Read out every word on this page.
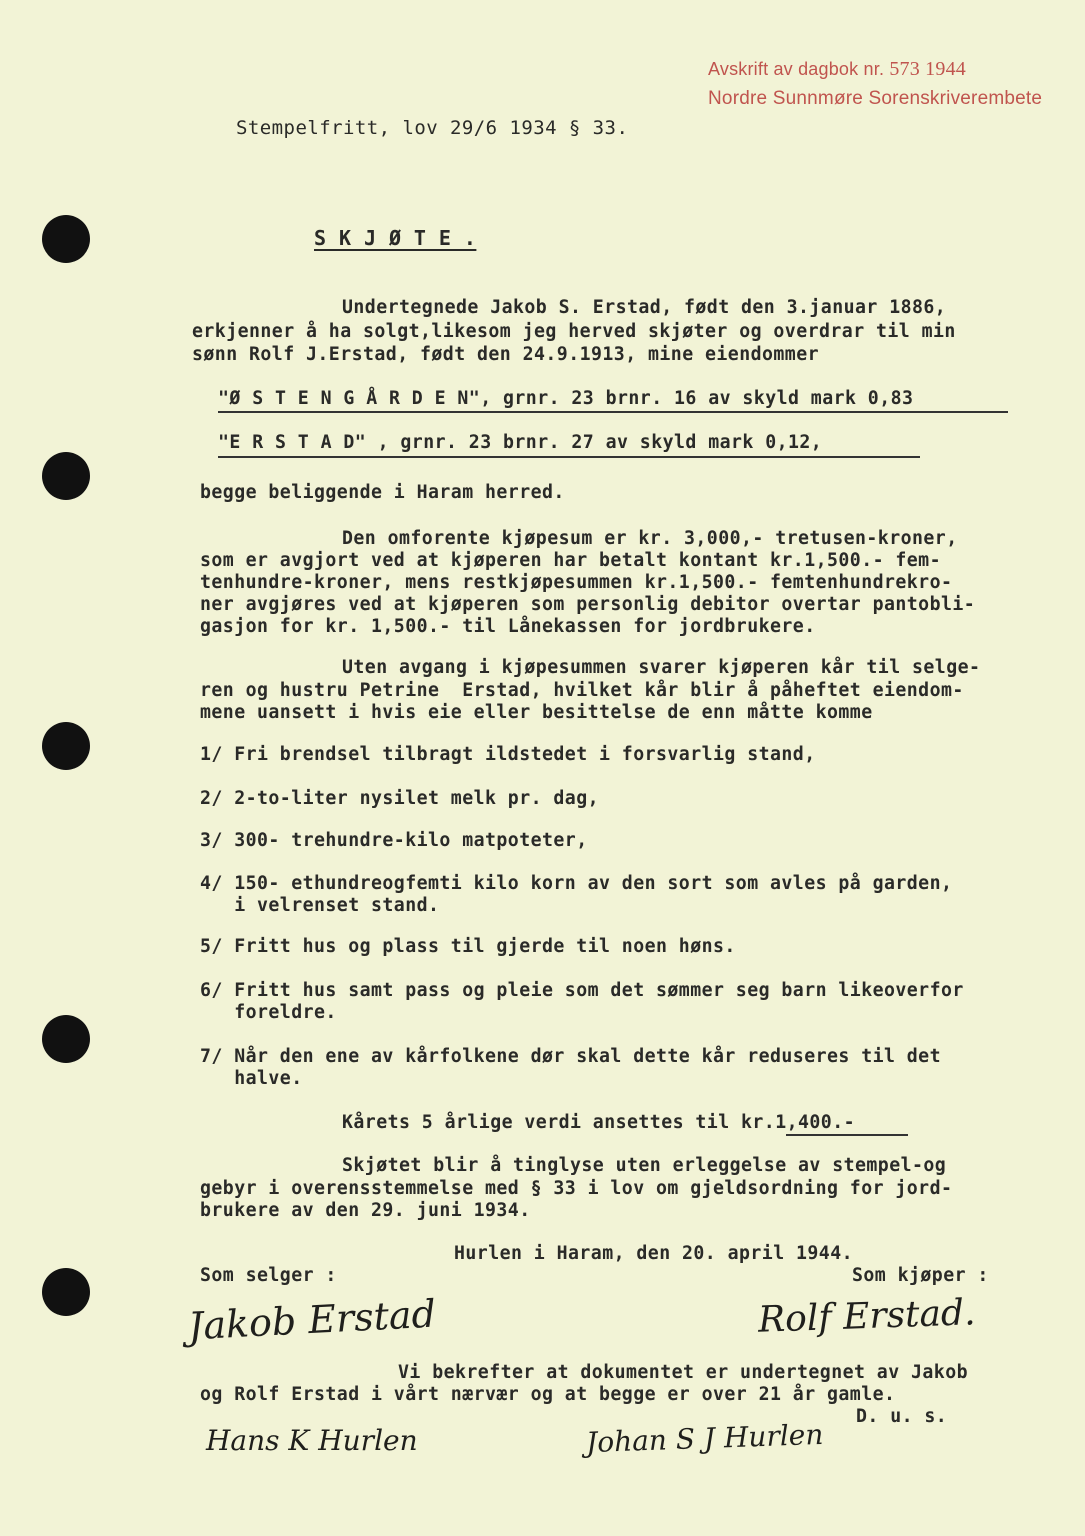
Avskrift av dagbok nr. 573 1944
Nordre Sunnmøre Sorenskriverembete
Stempelfritt, lov 29/6 1934 § 33.
S K J Ø T E .
Undertegnede Jakob S. Erstad, født den 3.januar 1886,
erkjenner å ha solgt,likesom jeg herved skjøter og overdrar til min
sønn Rolf J.Erstad, født den 24.9.1913, mine eiendommer
"Ø S T E N G Å R D E N", grnr. 23 brnr. 16 av skyld mark 0,83
"E R S T A D" , grnr. 23 brnr. 27 av skyld mark 0,12,
begge beliggende i Haram herred.
Den omforente kjøpesum er kr. 3,000,- tretusen-kroner,
som er avgjort ved at kjøperen har betalt kontant kr.1,500.- fem-
tenhundre-kroner, mens restkjøpesummen kr.1,500.- femtenhundrekro-
ner avgjøres ved at kjøperen som personlig debitor overtar pantobli-
gasjon for kr. 1,500.- til Lånekassen for jordbrukere.
Uten avgang i kjøpesummen svarer kjøperen kår til selge-
ren og hustru Petrine  Erstad, hvilket kår blir å påheftet eiendom-
mene uansett i hvis eie eller besittelse de enn måtte komme
1/ Fri brendsel tilbragt ildstedet i forsvarlig stand,
2/ 2-to-liter nysilet melk pr. dag,
3/ 300- trehundre-kilo matpoteter,
4/ 150- ethundreogfemti kilo korn av den sort som avles på garden,
i velrenset stand.
5/ Fritt hus og plass til gjerde til noen høns.
6/ Fritt hus samt pass og pleie som det sømmer seg barn likeoverfor
foreldre.
7/ Når den ene av kårfolkene dør skal dette kår reduseres til det
halve.
Kårets 5 årlige verdi ansettes til kr.1,400.-
Skjøtet blir å tinglyse uten erleggelse av stempel-og
gebyr i overensstemmelse med § 33 i lov om gjeldsordning for jord-
brukere av den 29. juni 1934.
Hurlen i Haram, den 20. april 1944.
Som selger :	Som kjøper :
Jakob Erstad	Rolf Erstad.
Vi bekrefter at dokumentet er undertegnet av Jakob
og Rolf Erstad i vårt nærvær og at begge er over 21 år gamle.
D. u. s.
Hans K Hurlen	Johan S J Hurlen
